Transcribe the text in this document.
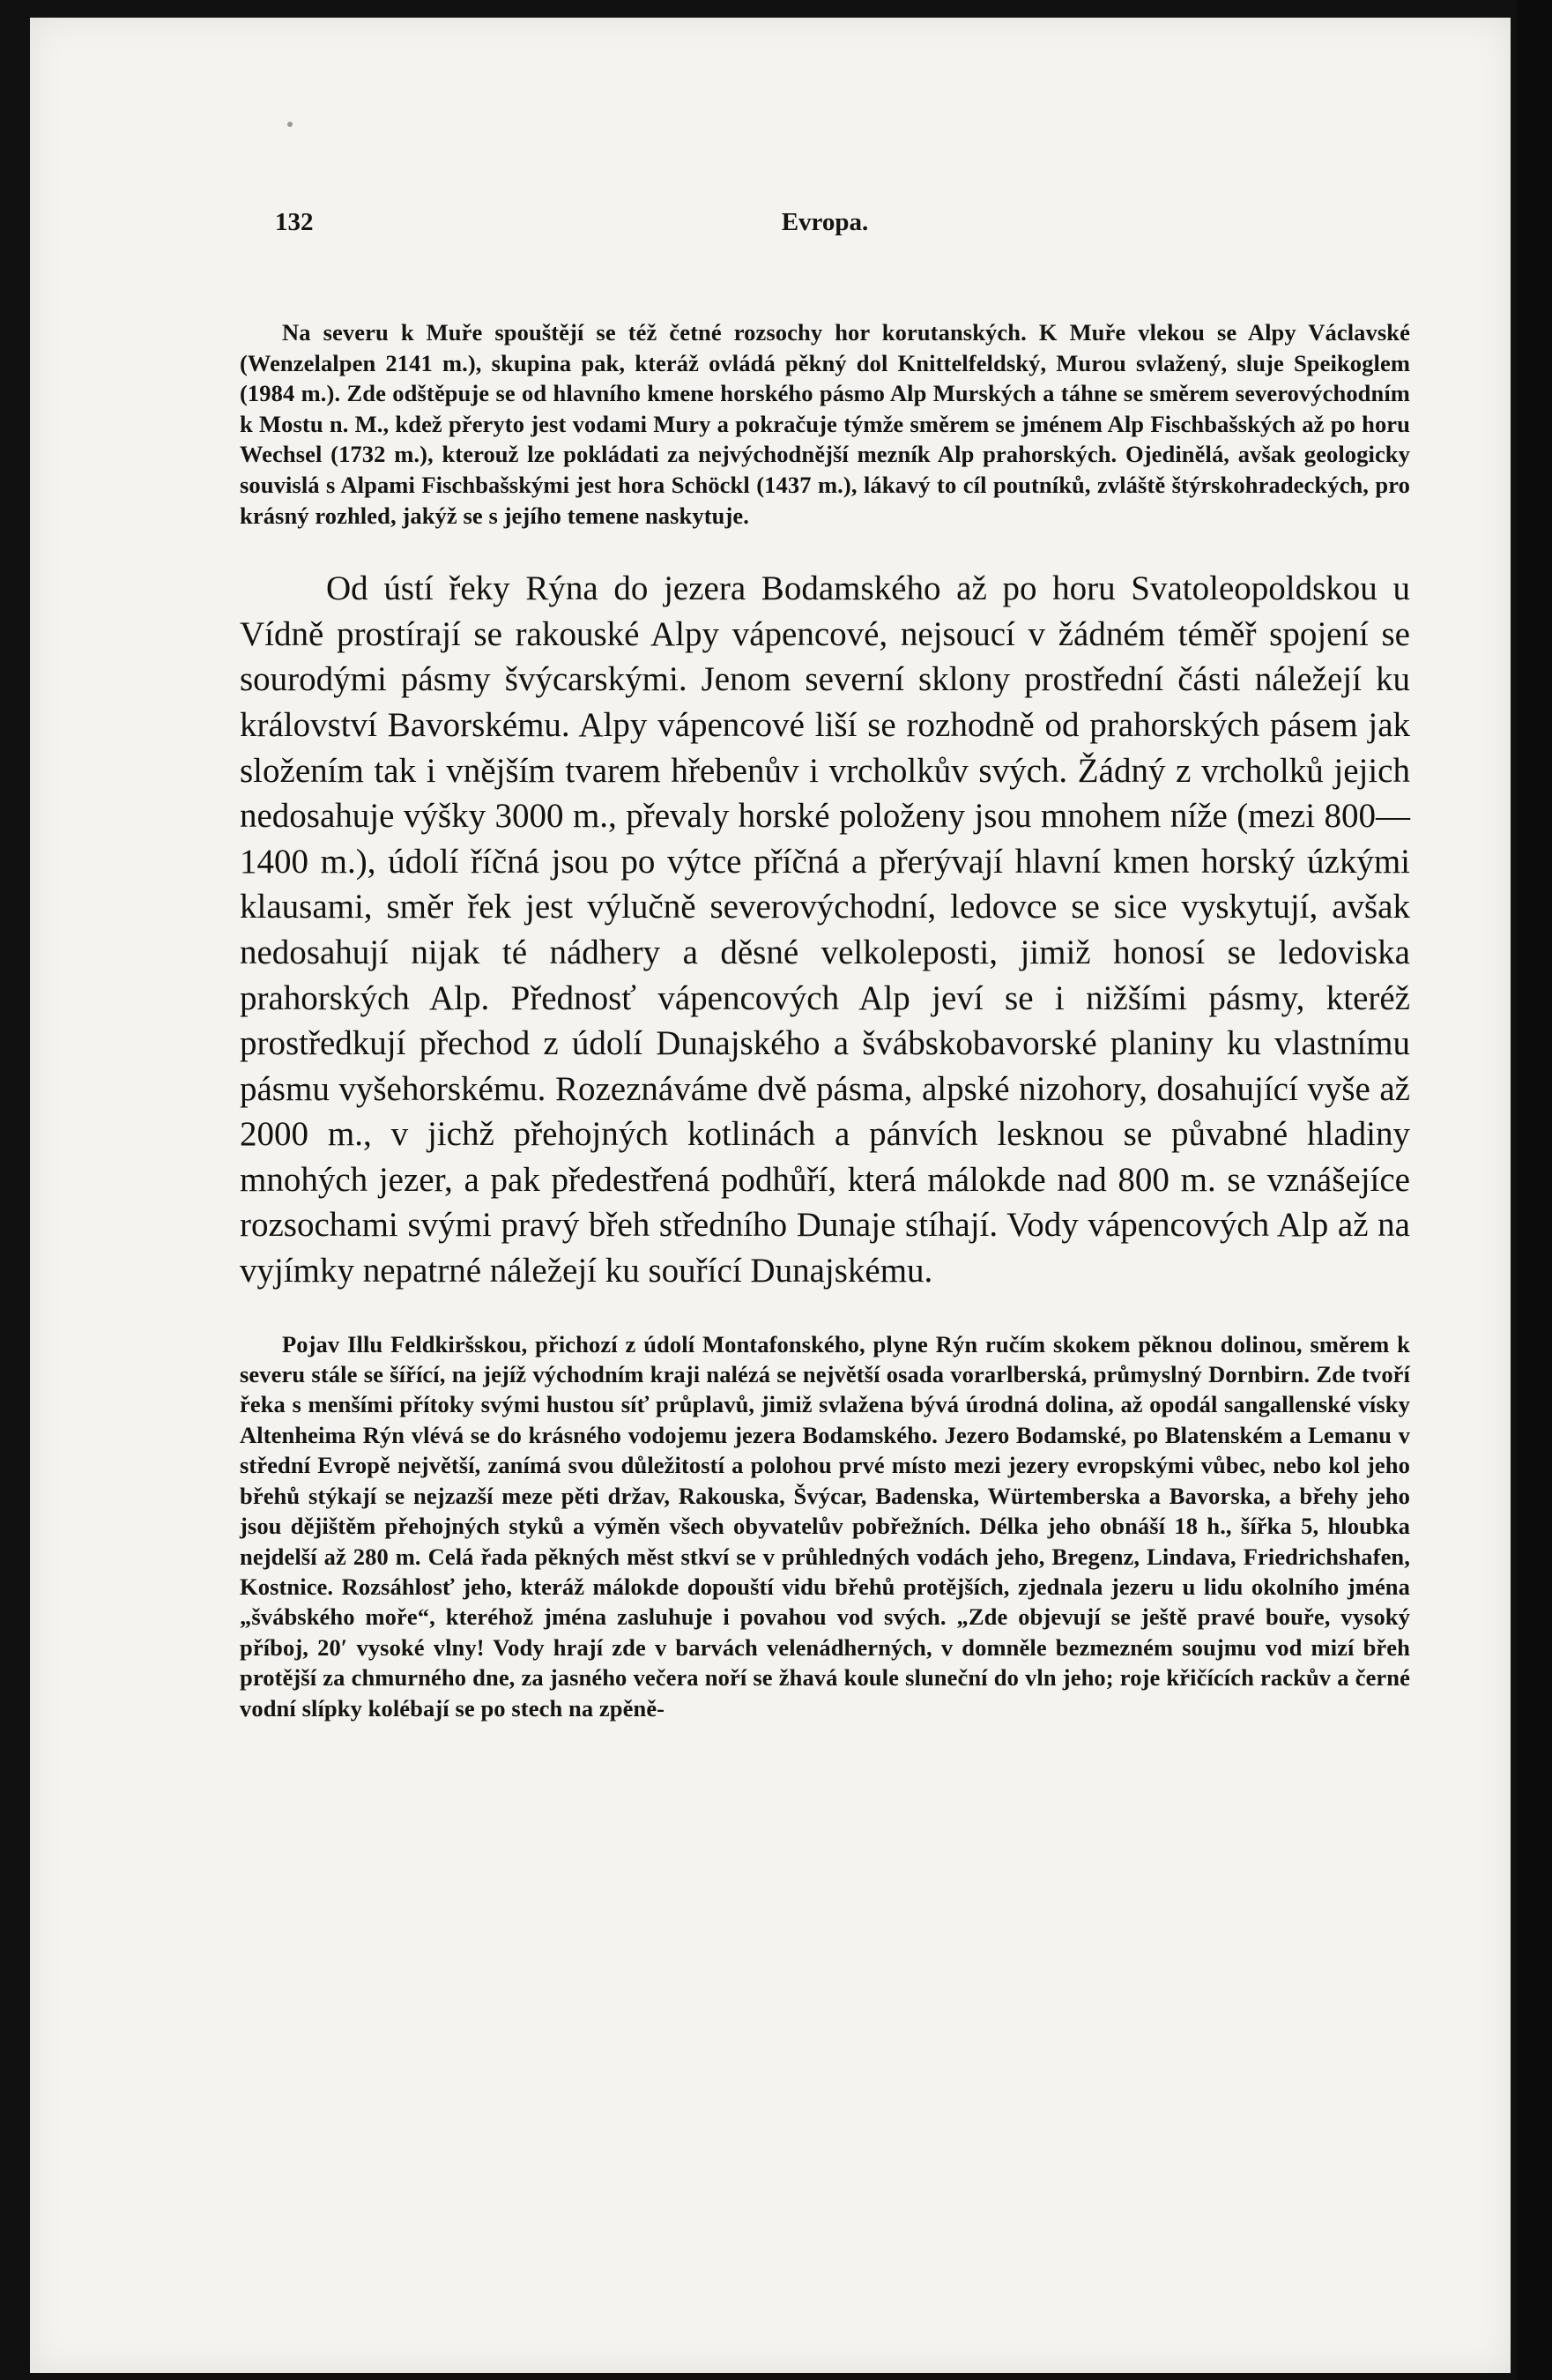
132	Evropa.

Na severu k Muře spouštějí se též četné rozsochy hor korutanských. K Muře vlekou se Alpy Václavské (Wenzelalpen 2141 m.), skupina pak, kteráž ovládá pěkný dol Knittelfeldský, Murou svlažený, sluje Speikoglem (1984 m.). Zde odštěpuje se od hlavního kmene horského pásmo Alp Murských a táhne se směrem severovýchodním k Mostu n. M., kdež přeryto jest vodami Mury a pokračuje týmže směrem se jménem Alp Fischbašských až po horu Wechsel (1732 m.), kterouž lze pokládati za nejvýchodnější mezník Alp prahorských. Ojedinělá, avšak geologicky souvislá s Alpami Fischbašskými jest hora Schöckl (1437 m.), lákavý to cíl poutníků, zvláště štýrskohradeckých, pro krásný rozhled, jakýž se s jejího temene naskytuje.

Od ústí řeky Rýna do jezera Bodamského až po horu Svatoleopoldskou u Vídně prostírají se rakouské Alpy vápencové, nejsoucí v žádném téměř spojení se sourodými pásmy švýcarskými. Jenom severní sklony prostřední části náležejí ku království Bavorskému. Alpy vápencové liší se rozhodně od prahorských pásem jak složením tak i vnějším tvarem hřebenův i vrcholkův svých. Žádný z vrcholků jejich nedosahuje výšky 3000 m., převaly horské položeny jsou mnohem níže (mezi 800—1400 m.), údolí říčná jsou po výtce příčná a přerývají hlavní kmen horský úzkými klausami, směr řek jest výlučně severovýchodní, ledovce se sice vyskytují, avšak nedosahují nijak té nádhery a děsné velkoleposti, jimiž honosí se ledoviska prahorských Alp. Přednosť vápencových Alp jeví se i nižšími pásmy, kteréž prostředkují přechod z údolí Dunajského a švábskobavorské planiny ku vlastnímu pásmu vyšehorskému. Rozeznáváme dvě pásma, alpské nizohory, dosahující vyše až 2000 m., v jichž přehojných kotlinách a pánvích lesknou se půvabné hladiny mnohých jezer, a pak předestřená podhůří, která málokde nad 800 m. se vznášejíce rozsochami svými pravý břeh středního Dunaje stíhají. Vody vápencových Alp až na vyjímky nepatrné náležejí ku souřící Dunajskému.

Pojav Illu Feldkiršskou, přichozí z údolí Montafonského, plyne Rýn ručím skokem pěknou dolinou, směrem k severu stále se šířící, na jejíž východním kraji nalézá se největší osada vorarlberská, průmyslný Dornbirn. Zde tvoří řeka s menšími přítoky svými hustou síť průplavů, jimiž svlažena bývá úrodná dolina, až opodál sangallenské vísky Altenheima Rýn vlévá se do krásného vodojemu jezera Bodamského. Jezero Bodamské, po Blatenském a Lemanu v střední Evropě největší, zanímá svou důležitostí a polohou prvé místo mezi jezery evropskými vůbec, nebo kol jeho břehů stýkají se nejzazší meze pěti držav, Rakouska, Švýcar, Badenska, Würtemberska a Bavorska, a břehy jeho jsou dějištěm přehojných styků a výměn všech obyvatelův pobřežních. Délka jeho obnáší 18 h., šířka 5, hloubka nejdelší až 280 m. Celá řada pěkných měst stkví se v průhledných vodách jeho, Bregenz, Lindava, Friedrichshafen, Kostnice. Rozsáhlosť jeho, kteráž málokde dopouští vidu břehů protějších, zjednala jezeru u lidu okolního jména „švábského moře“, kteréhož jména zasluhuje i povahou vod svých. „Zde objevují se ještě pravé bouře, vysoký příboj, 20′ vysoké vlny! Vody hrají zde v barvách velenádherných, v domněle bezmezném soujmu vod mizí břeh protější za chmurného dne, za jasného večera noří se žhavá koule sluneční do vln jeho; roje křičících rackův a černé vodní slípky kolébají se po stech na zpěně-
